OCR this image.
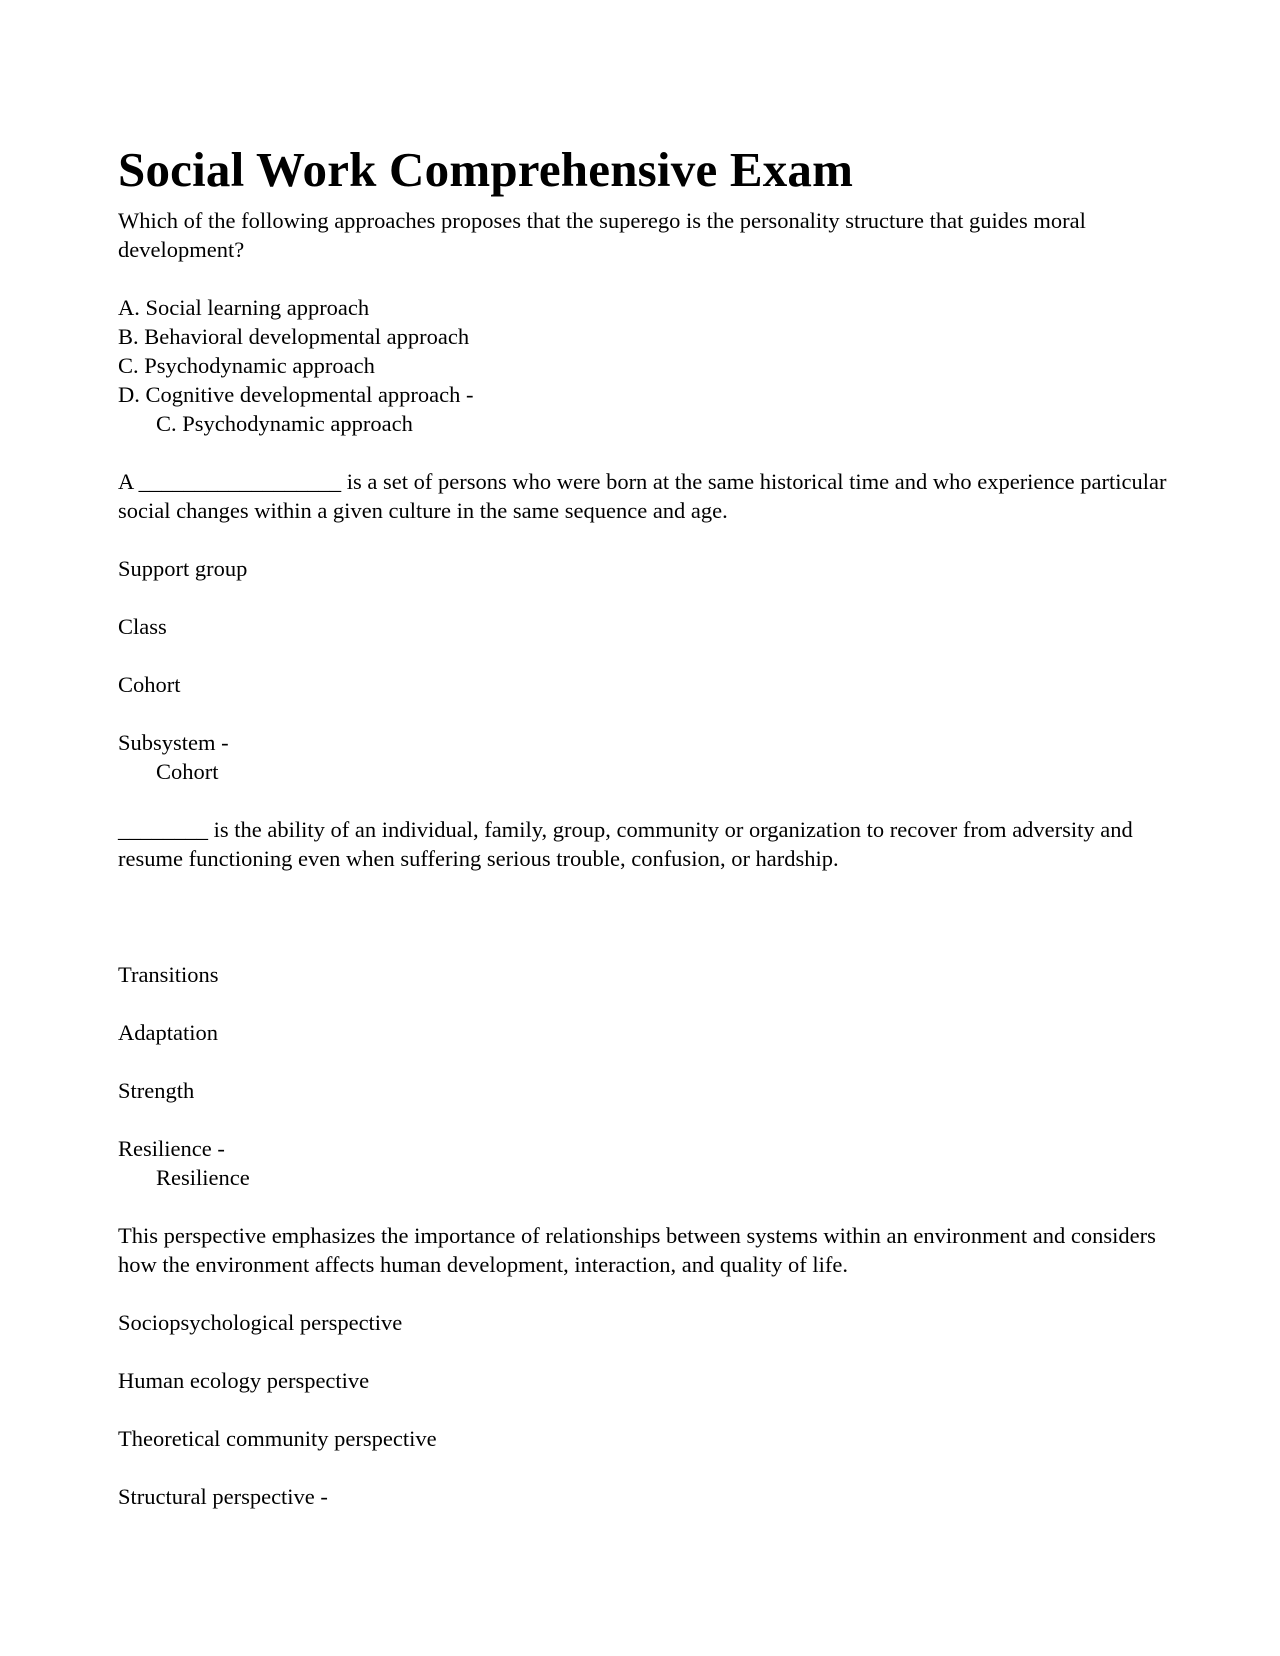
Social Work Comprehensive Exam

Which of the following approaches proposes that the superego is the personality structure that guides moral development?

A. Social learning approach

B. Behavioral developmental approach

C. Psychodynamic approach

D. Cognitive developmental approach -

C. Psychodynamic approach

A __________________ is a set of persons who were born at the same historical time and who experience particular social changes within a given culture in the same sequence and age.

Support group

Class

Cohort

Subsystem -

Cohort

________ is the ability of an individual, family, group, community or organization to recover from adversity and resume functioning even when suffering serious trouble, confusion, or hardship.

Transitions

Adaptation

Strength

Resilience -

Resilience

This perspective emphasizes the importance of relationships between systems within an environment and considers how the environment affects human development, interaction, and quality of life.

Sociopsychological perspective

Human ecology perspective

Theoretical community perspective

Structural perspective -
